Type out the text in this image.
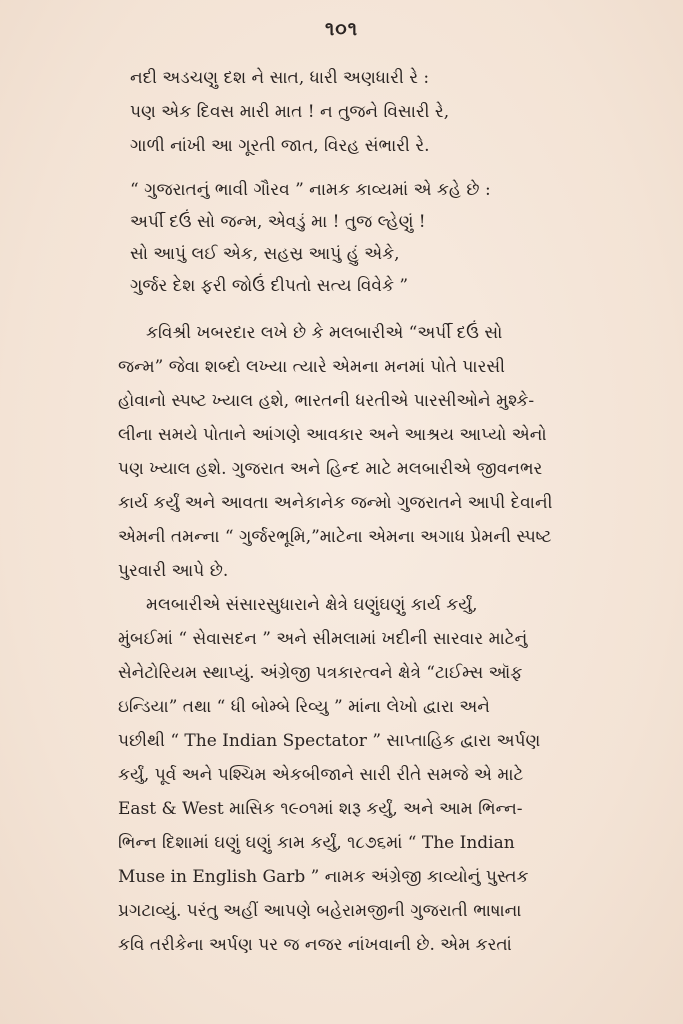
૧૦૧
નદી અડચણુ દશ ને સાત, ધારી અણધારી રે :
પણ એક દિવસ મારી માત ! ન તુજને વિસારી રે,
ગાળી નાંખી આ ગૂરતી જાત, વિરહ સંભારી રે.
“ ગુજરાતનું ભાવી ગૌરવ ” નામક કાવ્યમાં એ કહે છે :
અર્પી દઉં સો જન્મ, એવડું મા ! તુજ લ્હેણું !
સો આપું લઈ એક, સહસ્ર આપું હું એકે,
ગુર્જર દેશ ફરી જોઉં દીપતો સત્ય વિવેકે ”
કવિશ્રી ખબરદાર લખે છે કે મલબારીએ “અર્પી દઉં સો
જન્મ” જેવા શબ્દો લખ્યા ત્યારે એમના મનમાં પોતે પારસી
હોવાનો સ્પષ્ટ ખ્યાલ હશે, ભારતની ધરતીએ પારસીઓને મુશ્કે-
લીના સમયે પોતાને આંગણે આવકાર અને આશ્રય આપ્યો એનો
પણ ખ્યાલ હશે. ગુજરાત અને હિન્દ માટે મલબારીએ જીવનભર
કાર્ય કર્યું અને આવતા અનેકાનેક જન્મો ગુજરાતને આપી દેવાની
એમની તમન્ના “ ગુર્જરભૂમિ,”માટેના એમના અગાધ પ્રેમની સ્પષ્ટ
પુરવારી આપે છે.
મલબારીએ સંસારસુધારાને ક્ષેત્રે ઘણુંઘણું કાર્ય કર્યું,
મુંબઈમાં “ સેવાસદન ” અને સીમલામાં ખદીની સારવાર માટેનું
સેનેટોરિયમ સ્થાપ્યું. અંગ્રેજી પત્રકારત્વને ક્ષેત્રે “ટાઈમ્સ ઑફ
ઇન્ડિયા” તથા “ ધી બોમ્બે રિવ્યુ ” માંના લેખો દ્વારા અને
પછીથી “ The Indian Spectator ” સાપ્તાહિક દ્વારા અર્પણ
કર્યું, પૂર્વ અને પશ્ચિમ એકબીજાને સારી રીતે સમજે એ માટે
East & West માસિક ૧૯૦૧માં શરૂ કર્યું, અને આમ ભિન્ન-
ભિન્ન દિશામાં ઘણું ઘણું કામ કર્યું, ૧૮૭૬માં “ The Indian
Muse in English Garb ” નામક અંગ્રેજી કાવ્યોનું પુસ્તક
પ્રગટાવ્યું. પરંતુ અહીં આપણે બહેરામજીની ગુજરાતી ભાષાના
કવિ તરીકેના અર્પણ પર જ નજર નાંખવાની છે. એમ કરતાં
